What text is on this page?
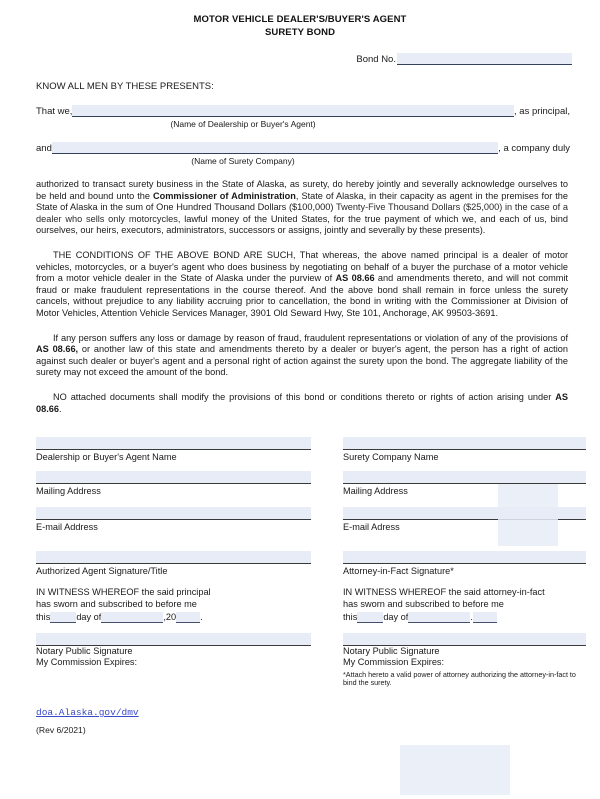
MOTOR VEHICLE DEALER'S/BUYER'S AGENT
SURETY BOND
Bond No.
KNOW ALL MEN BY THESE PRESENTS:
That we,	, as principal,
(Name of Dealership or Buyer's Agent)
and	, a company duly
(Name of Surety Company)

authorized to transact surety business in the State of Alaska, as surety, do hereby jointly and severally acknowledge ourselves to be held and bound unto the Commissioner of Administration, State of Alaska, in their capacity as agent in the premises for the State of Alaska in the sum of One Hundred Thousand Dollars ($100,000) Twenty-Five Thousand Dollars ($25,000) in the case of a dealer who sells only motorcycles,
lawful money of the United States, for the true payment of which we, and each of us, bind ourselves, our heirs, executors, administrators, successors or assigns, jointly and severally by these presents).

THE CONDITIONS OF THE ABOVE BOND ARE SUCH, That whereas, the above named principal is a dealer of motor vehicles, motorcycles, or a buyer's agent who does business by negotiating on behalf of a buyer the purchase of a motor vehicle from a motor vehicle dealer in the State of Alaska under the purview of AS 08.66 and amendments thereto, and will not commit fraud or make fraudulent representations in the course thereof. And the above bond shall remain in force unless the surety cancels, without prejudice to any liability accruing prior to cancellation, the bond in writing with the Commissioner at Division of Motor Vehicles, Attention Vehicle Services Manager, 3901 Old Seward Hwy, Ste 101, Anchorage, AK 99503-3691.

If any person suffers any loss or damage by reason of fraud, fraudulent representations or violation of any of the provisions of AS 08.66, or another law of this state and amendments thereto by a dealer or buyer's agent, the person has a right of action against such dealer or buyer's agent and a personal right of action against the surety upon the bond. The aggregate liability of the surety may not exceed the amount of the bond.

NO attached documents shall modify the provisions of this bond or conditions thereto or rights of action arising under AS 08.66.

Dealership or Buyer's Agent Name
Mailing Address
E-mail Address
Authorized Agent Signature/Title
IN WITNESS WHEREOF the said principal
has sworn and subscribed to before me
this	day of	, 20	.
Notary Public Signature
My Commission Expires:
Surety Company Name
Mailing Address
E-mail Adress
Attorney-in-Fact Signature*
IN WITNESS WHEREOF the said attorney-in-fact
has sworn and subscribed to before me
this	day of	.
Notary Public Signature
My Commission Expires:
*Attach hereto a valid power of attorney authorizing the attorney-in-fact to bind the surety.
doa.Alaska.gov/dmv
(Rev 6/2021)
